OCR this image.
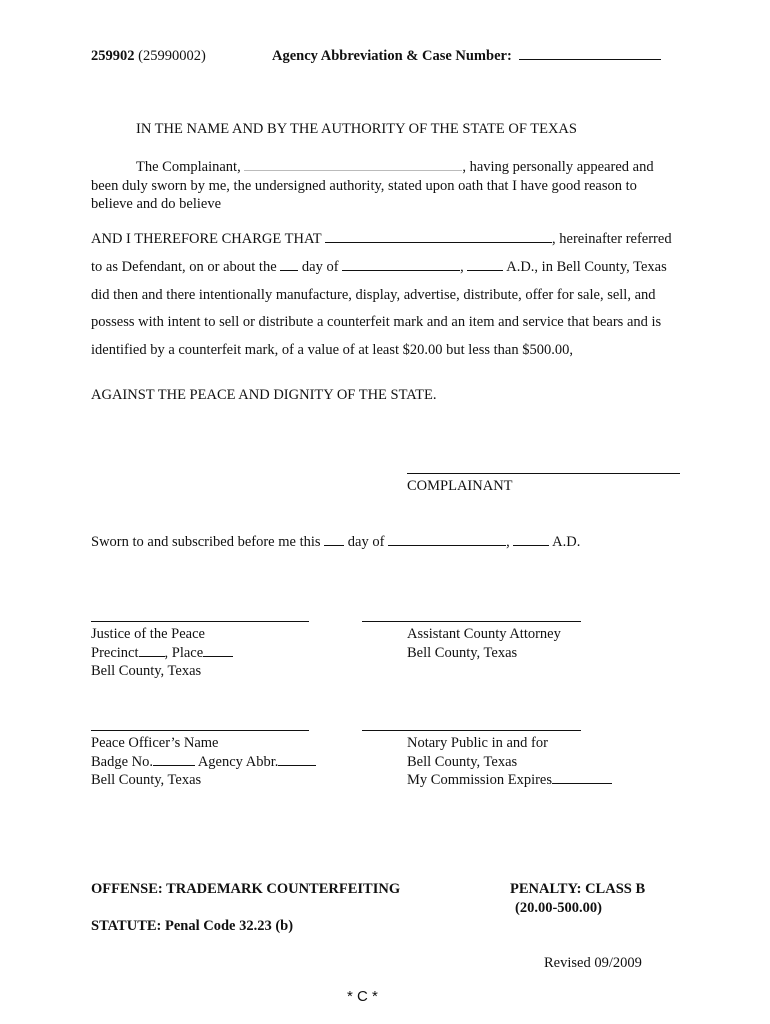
259902 (25990002)	Agency Abbreviation & Case Number:
IN THE NAME AND BY THE AUTHORITY OF THE STATE OF TEXAS
The Complainant,	, having personally appeared and been duly sworn by me, the undersigned authority, stated upon oath that I have good reason to believe and do believe
AND I THEREFORE CHARGE THAT	, hereinafter referred
to as Defendant, on or about the day of	,	A.D., in Bell County, Texas
did then and there intentionally manufacture, display, advertise, distribute, offer for sale, sell, and
possess with intent to sell or distribute a counterfeit mark and an item and service that bears and is
identified by a counterfeit mark, of a value of at least $20.00 but less than $500.00,
AGAINST THE PEACE AND DIGNITY OF THE STATE.
COMPLAINANT
Sworn to and subscribed before me this day of	,	A.D.
Justice of the Peace
Precinct , Place
Bell County, Texas
Assistant County Attorney
Bell County, Texas
Peace Officer’s Name
Badge No.	Agency Abbr.
Bell County, Texas
Notary Public in and for
Bell County, Texas
My Commission Expires
OFFENSE: TRADEMARK COUNTERFEITING	PENALTY: CLASS B
(20.00-500.00)
STATUTE: Penal Code 32.23 (b)
Revised 09/2009
* C *
